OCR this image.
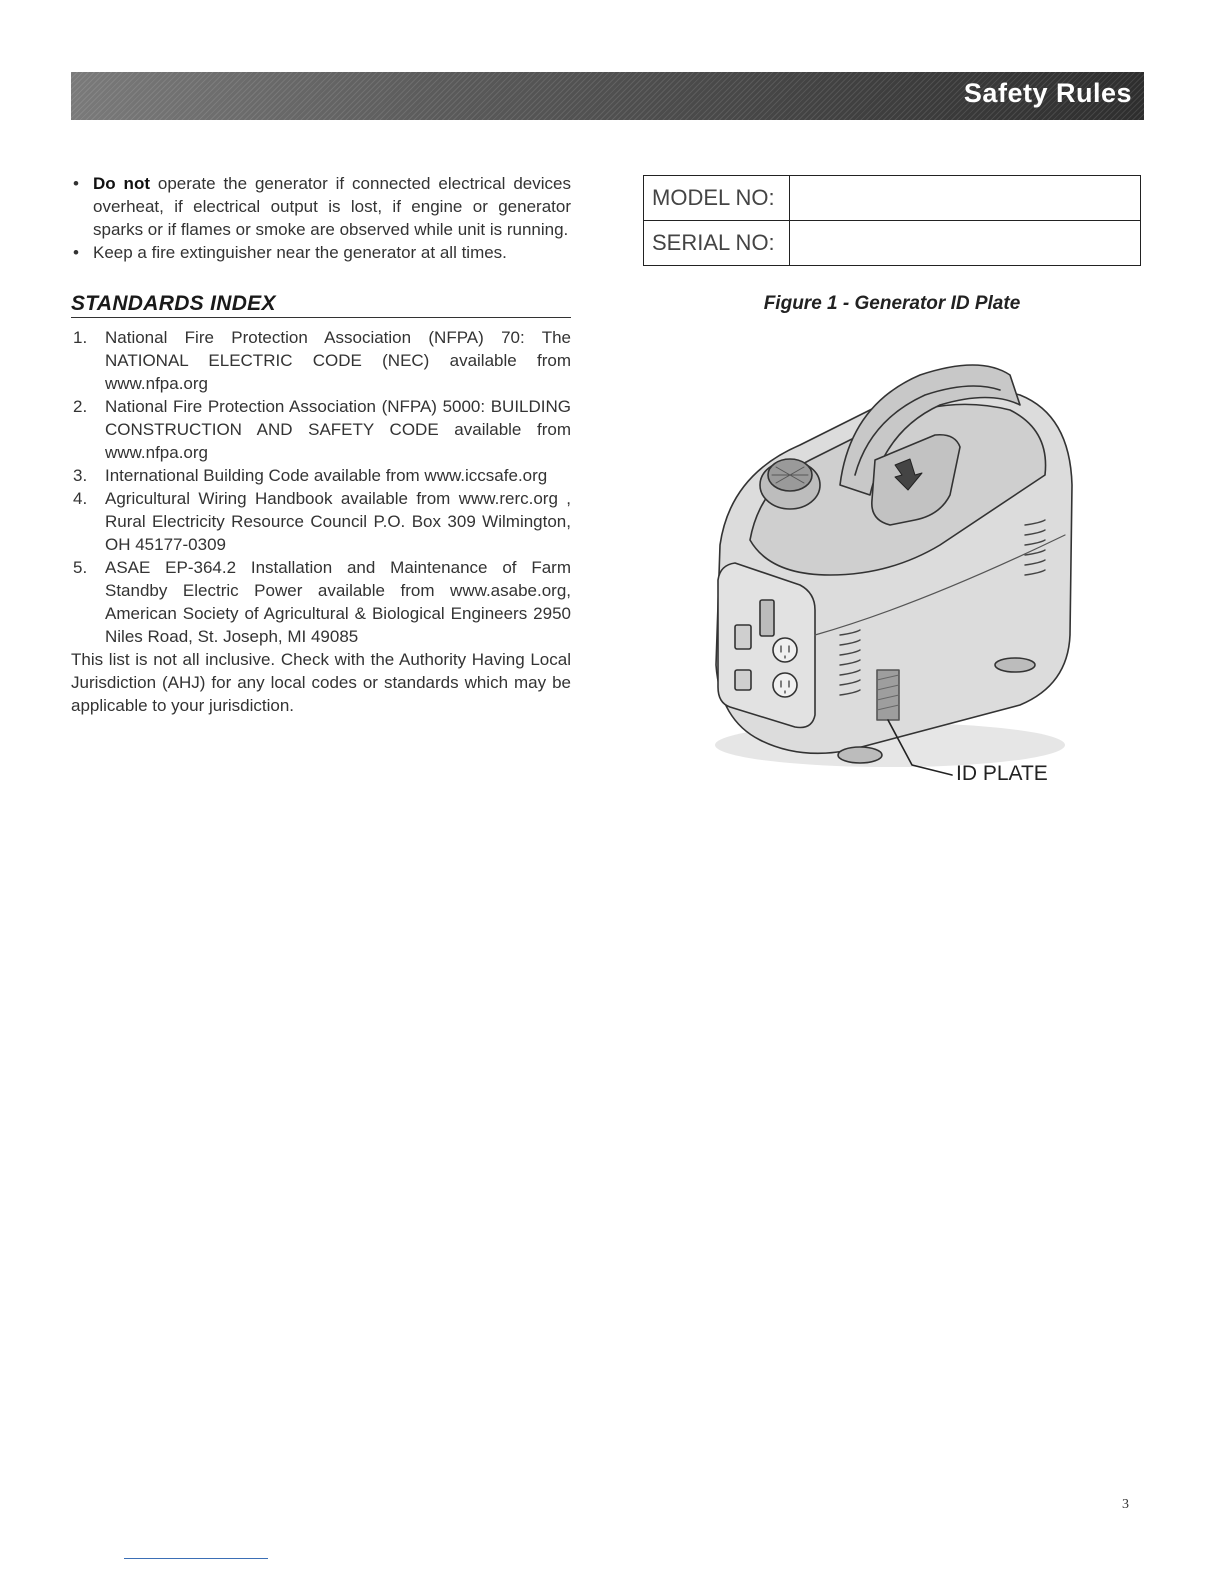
Safety Rules
• Do not operate the generator if connected electrical devices overheat, if electrical output is lost, if engine or generator sparks or if flames or smoke are observed while unit is running.
• Keep a fire extinguisher near the generator at all times.
STANDARDS INDEX
1. National Fire Protection Association (NFPA) 70: The NATIONAL ELECTRIC CODE (NEC) available from www.nfpa.org
2. National Fire Protection Association (NFPA) 5000: BUILDING CONSTRUCTION AND SAFETY CODE available from www.nfpa.org
3. International Building Code available from www.iccsafe.org
4. Agricultural Wiring Handbook available from www.rerc.org , Rural Electricity Resource Council P.O. Box 309 Wilmington, OH 45177-0309
5. ASAE EP-364.2 Installation and Maintenance of Farm Standby Electric Power available from www.asabe.org, American Society of Agricultural & Biological Engineers 2950 Niles Road, St. Joseph, MI 49085

This list is not all inclusive. Check with the Authority Having Local Jurisdiction (AHJ) for any local codes or standards which may be applicable to your jurisdiction.

MODEL NO:	
SERIAL NO:	
Figure 1 - Generator ID Plate
ID PLATE
3
